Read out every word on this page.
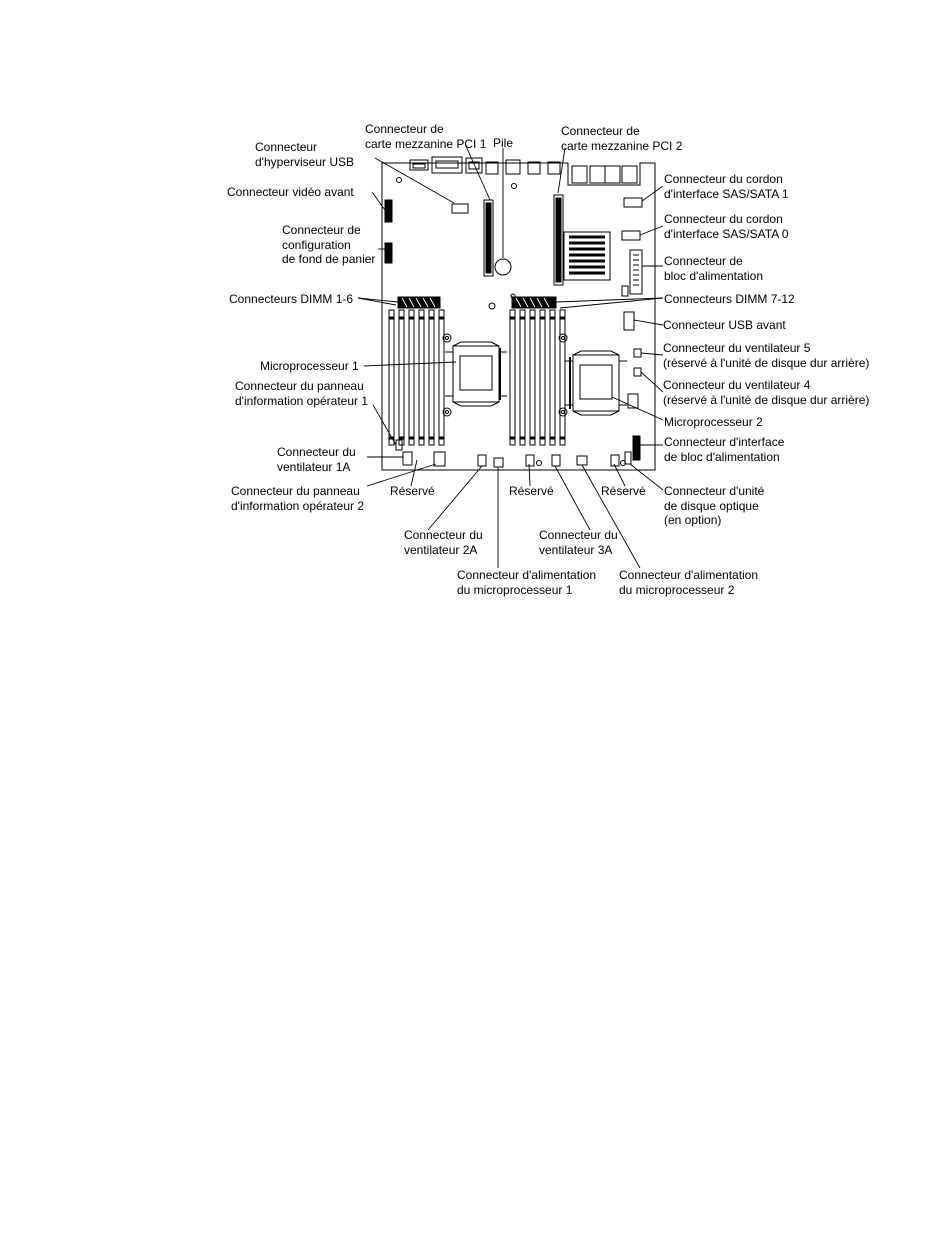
Connecteur
d'hyperviseur USB
Connecteur de
carte mezzanine PCI 1 Pile
Connecteur de
carte mezzanine PCI 2
Connecteur du cordon
d'interface SAS/SATA 1
Connecteur vidéo avant
Connecteur du cordon
d'interface SAS/SATA 0
Connecteur de
configuration
de fond de panier	Connecteur de
bloc d'alimentation
Connecteurs DIMM 1-6	Connecteurs DIMM 7-12
Connecteur USB avant
Connecteur du ventilateur 5
(réservé à l'unité de disque dur arrière)
Microprocesseur 1
Connecteur du panneau
d'information opérateur 1
Connecteur du ventilateur 4
(réservé à l'unité de disque dur arrière)
Microprocesseur 2
Connecteur d'interface
de bloc d'alimentation
Connecteur du
ventilateur 1A
Connecteur du panneau
d'information opérateur 2
Réservé	Réservé	Réservé Connecteur d'unité
de disque optique
(en option)
Connecteur du
ventilateur 2A
Connecteur du
ventilateur 3A
Connecteur d'alimentation
du microprocesseur 1
Connecteur d'alimentation
du microprocesseur 2
